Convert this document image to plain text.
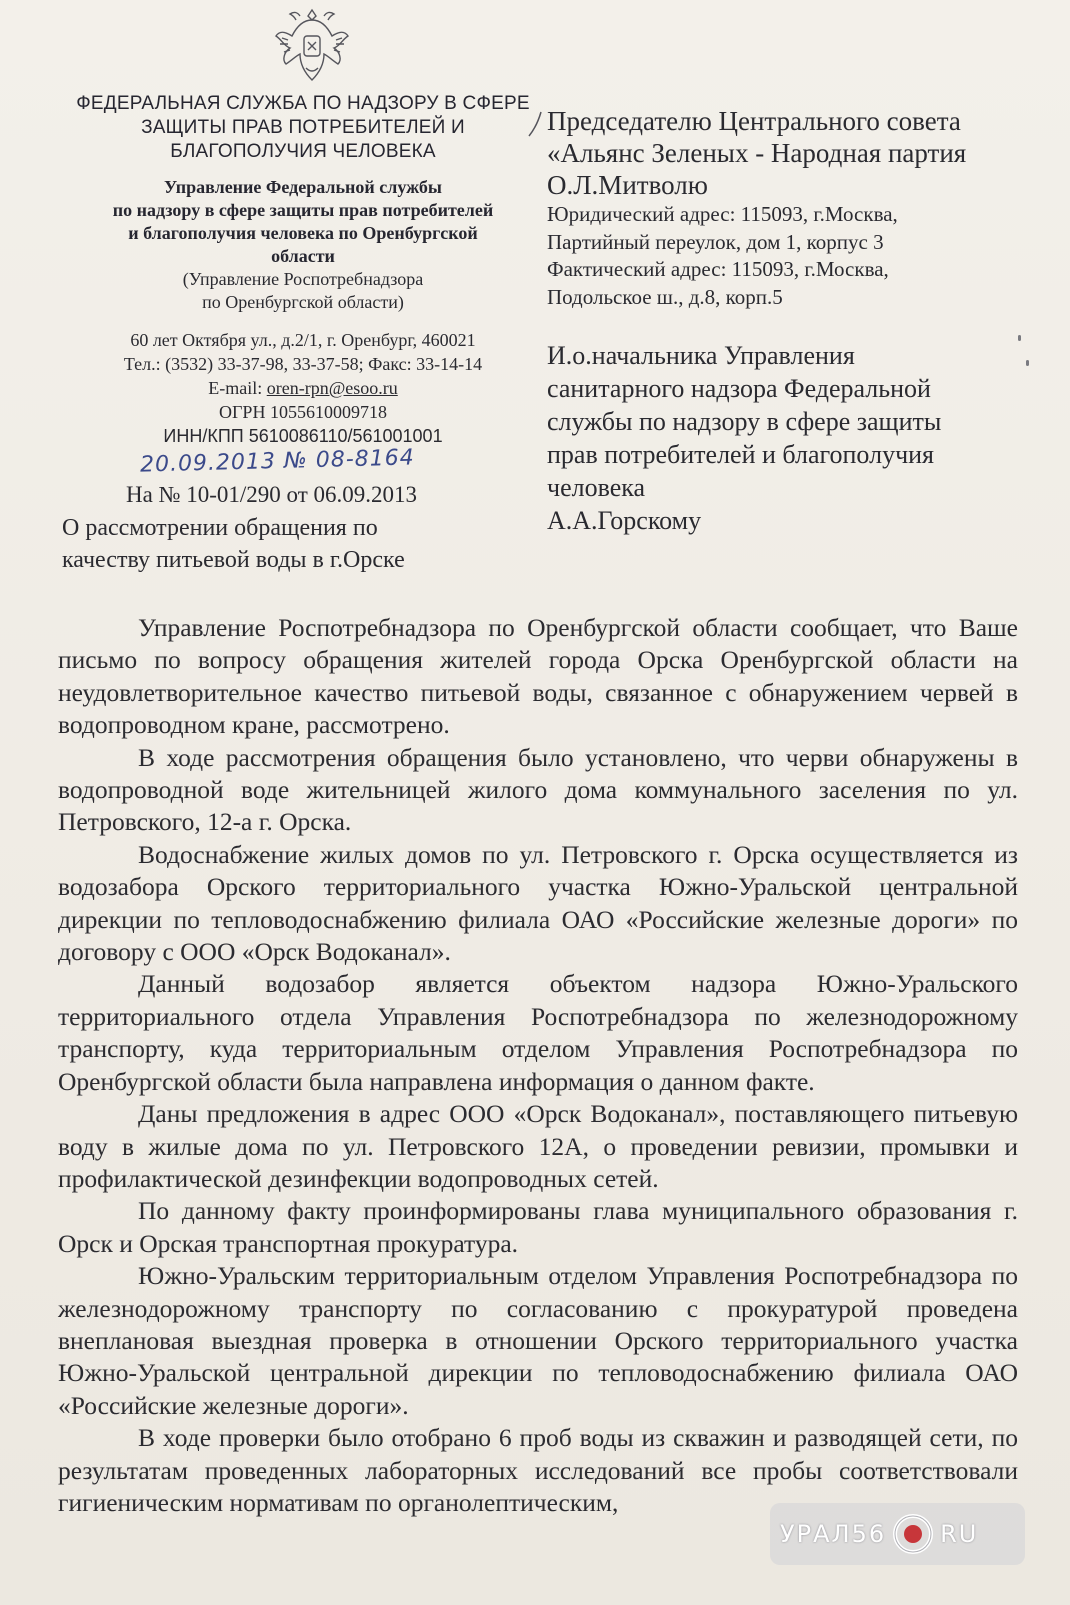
ФЕДЕРАЛЬНАЯ СЛУЖБА ПО НАДЗОРУ В СФЕРЕ
ЗАЩИТЫ ПРАВ ПОТРЕБИТЕЛЕЙ И
БЛАГОПОЛУЧИЯ ЧЕЛОВЕКА
Управление Федеральной службы
по надзору в сфере защиты прав потребителей
и благополучия человека по Оренбургской
области
(Управление Роспотребнадзора
по Оренбургской области)
60 лет Октября ул., д.2/1, г. Оренбург, 460021
Тел.: (3532) 33-37-98, 33-37-58; Факс: 33-14-14
E-mail: oren-rpn@esoo.ru
ОГРН 1055610009718
ИНН/КПП 5610086110/561001001
20.09.2013 № 08-8164
На № 10-01/290 от 06.09.2013
О рассмотрении обращения по
качеству питьевой воды в г.Орске
Председателю Центрального совета
«Альянс Зеленых - Народная партия
О.Л.Митволю
Юридический адрес: 115093, г.Москва,
Партийный переулок, дом 1, корпус 3
Фактический адрес: 115093, г.Москва,
Подольское ш., д.8, корп.5
И.о.начальника Управления
санитарного надзора Федеральной
службы по надзору в сфере защиты
прав потребителей и благополучия
человека
А.А.Горскому

Управление Роспотребнадзора по Оренбургской области сообщает, что Ваше письмо по вопросу обращения жителей города Орска Оренбургской области на неудовлетворительное качество питьевой воды, связанное с обнаружением червей в водопроводном кране, рассмотрено.

В ходе рассмотрения обращения было установлено, что черви обнаружены в водопроводной воде жительницей жилого дома коммунального заселения по ул. Петровского, 12-а г. Орска.

Водоснабжение жилых домов по ул. Петровского г. Орска осуществляется из водозабора Орского территориального участка Южно-Уральской центральной дирекции по тепловодоснабжению филиала ОАО «Российские железные дороги» по договору с ООО «Орск Водоканал».

Данный водозабор является объектом надзора Южно-Уральского территориального отдела Управления Роспотребнадзора по железнодорожному транспорту, куда территориальным отделом Управления Роспотребнадзора по Оренбургской области была направлена информация о данном факте.

Даны предложения в адрес ООО «Орск Водоканал», поставляющего питьевую воду в жилые дома по ул. Петровского 12А, о проведении ревизии, промывки и профилактической дезинфекции водопроводных сетей.

По данному факту проинформированы глава муниципального образования г. Орск и Орская транспортная прокуратура.

Южно-Уральским территориальным отделом Управления Роспотребнадзора по железнодорожному транспорту по согласованию с прокуратурой проведена внеплановая выездная проверка в отношении Орского территориального участка Южно-Уральской центральной дирекции по тепловодоснабжению филиала ОАО «Российские железные дороги».

В ходе проверки было отобрано 6 проб воды из скважин и разводящей сети, по результатам проведенных лабораторных исследований все пробы соответствовали гигиеническим нормативам по органолептическим,

УРАЛ56 RU
